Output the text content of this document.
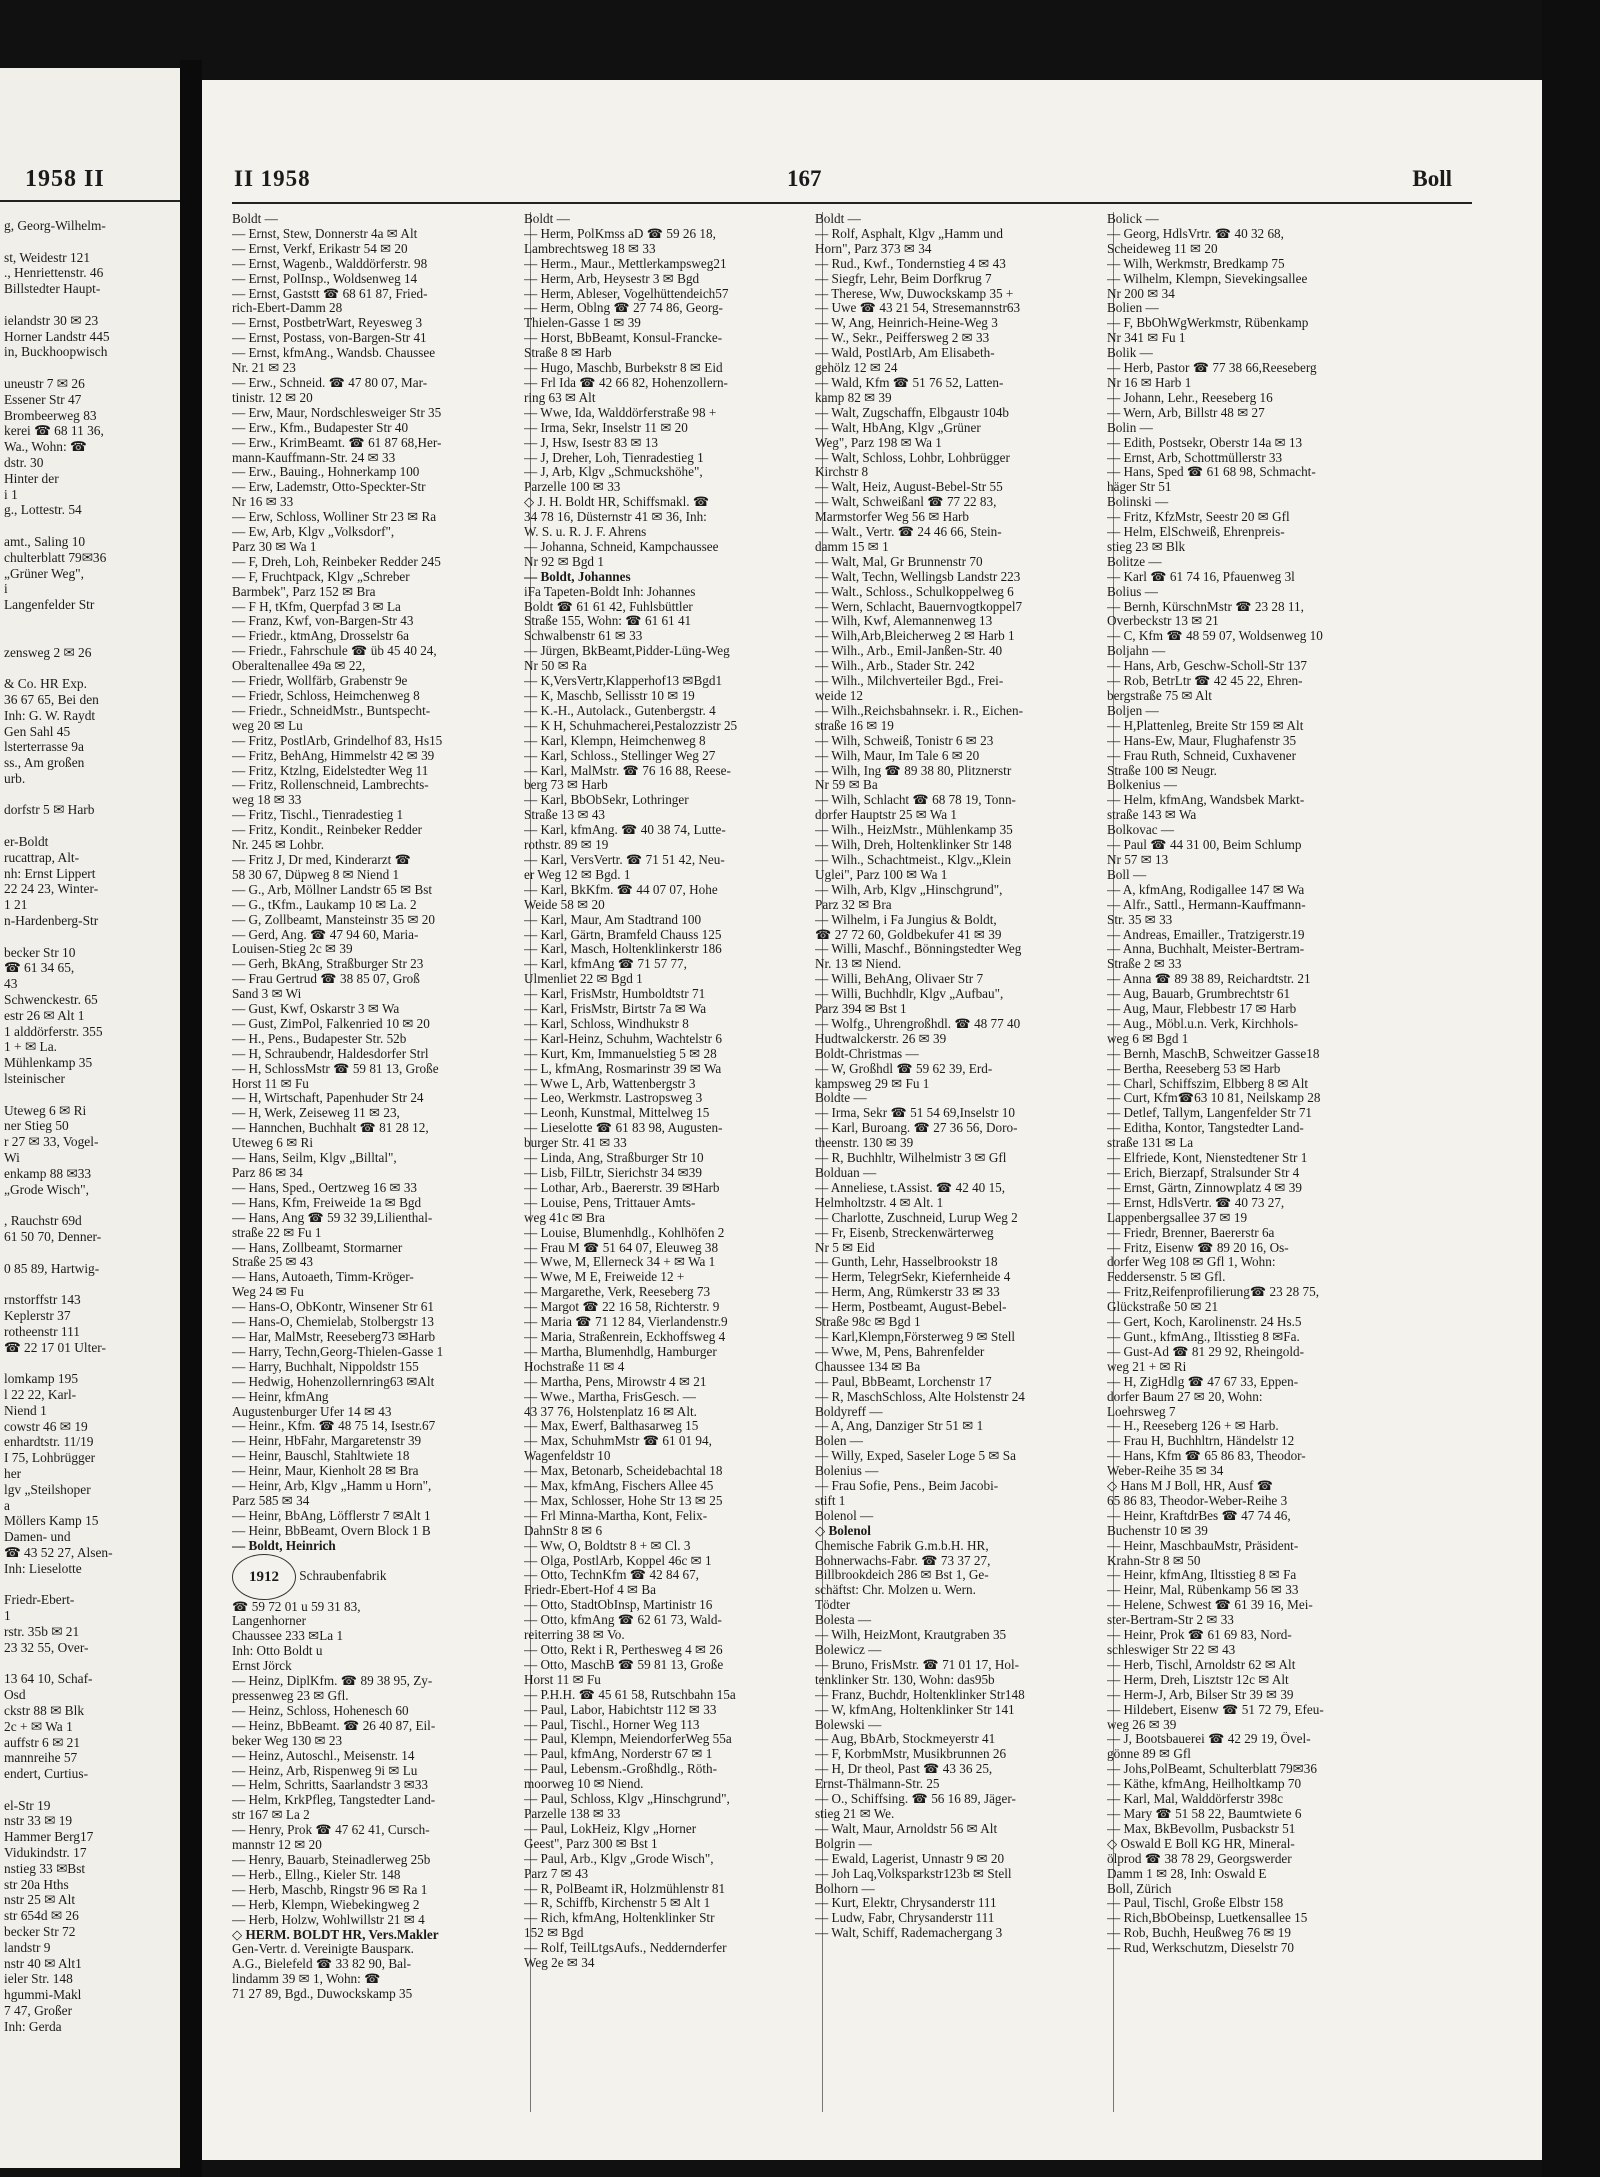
1958 II
g, Georg-Wilhelm-

st, Weidestr 121
., Henriettenstr. 46
Billstedter Haupt-

ielandstr 30 ✉ 23
Horner Landstr 445
in, Buckhoopwisch

uneustr 7 ✉ 26
Essener Str 47
Brombeerweg 83
kerei ☎ 68 11 36,
Wa., Wohn: ☎
dstr. 30
Hinter der
i 1
g., Lottestr. 54

amt., Saling 10
chulterblatt 79✉36
„Grüner Weg",
i
Langenfelder Str

zensweg 2 ✉ 26

& Co. HR Exp.
36 67 65, Bei den
Inh: G. W. Raydt
Gen Sahl 45
lsterterrasse 9a
ss., Am großen
urb.

dorfstr 5 ✉ Harb

er-Boldt
rucattrap, Alt-
nh: Ernst Lippert
22 24 23, Winter-
1 21
n-Hardenberg-Str

becker Str 10
☎ 61 34 65,
43
Schwenckestr. 65
estr 26 ✉ Alt 1
1 alddörferstr. 355
1 + ✉ La.
Mühlenkamp 35
lsteinischer

Uteweg 6 ✉ Ri
ner Stieg 50
r 27 ✉ 33, Vogel-
Wi
enkamp 88 ✉33
„Grode Wisch",

, Rauchstr 69d
61 50 70, Denner-

0 85 89, Hartwig-

rnstorffstr 143
Keplerstr 37
rotheenstr 111
☎ 22 17 01 Ulter-

lomkamp 195
l 22 22, Karl-
Niend 1
cowstr 46 ✉ 19
enhardtstr. 11/19
I 75, Lohbrügger
her
lgv „Steilshoper
a
Möllers Kamp 15
Damen- und
☎ 43 52 27, Alsen-
Inh: Lieselotte

Friedr-Ebert-
1
rstr. 35b ✉ 21
23 32 55, Over-

13 64 10, Schaf-
Osd
ckstr 88 ✉ Blk
2c + ✉ Wa 1
auffstr 6 ✉ 21
mannreihe 57
endert, Curtius-

el-Str 19
nstr 33 ✉ 19
Hammer Berg17
Vidukindstr. 17
nstieg 33 ✉Bst
str 20a Hths
nstr 25 ✉ Alt
str 654d ✉ 26
becker Str 72
landstr 9
nstr 40 ✉ Alt1
ieler Str. 148
hgummi-Makl
7 47, Großer
Inh: Gerda
II 1958	167	Boll
Boldt —
— Ernst, Stew, Donnerstr 4a ✉ Alt
— Ernst, Verkf, Erikastr 54 ✉ 20
— Ernst, Wagenb., Walddörferstr. 98
— Ernst, PolInsp., Woldsenweg 14
— Ernst, Gaststt ☎ 68 61 87, Fried-
rich-Ebert-Damm 28
— Ernst, PostbetrWart, Reyesweg 3
— Ernst, Postass, von-Bargen-Str 41
— Ernst, kfmAng., Wandsb. Chaussee
Nr. 21 ✉ 23
— Erw., Schneid. ☎ 47 80 07, Mar-
tinistr. 12 ✉ 20
— Erw, Maur, Nordschlesweiger Str 35
— Erw., Kfm., Budapester Str 40
— Erw., KrimBeamt. ☎ 61 87 68,Her-
mann-Kauffmann-Str. 24 ✉ 33
— Erw., Bauing., Hohnerkamp 100
— Erw, Lademstr, Otto-Speckter-Str
Nr 16 ✉ 33
— Erw, Schloss, Wolliner Str 23 ✉ Ra
— Ew, Arb, Klgv „Volksdorf",
Parz 30 ✉ Wa 1
— F, Dreh, Loh, Reinbeker Redder 245
— F, Fruchtpack, Klgv „Schreber
Barmbek", Parz 152 ✉ Bra
— F H, tKfm, Querpfad 3 ✉ La
— Franz, Kwf, von-Bargen-Str 43
— Friedr., ktmAng, Drosselstr 6a
— Friedr., Fahrschule ☎ üb 45 40 24,
Oberaltenallee 49a ✉ 22,
— Friedr, Wollfärb, Grabenstr 9e
— Friedr, Schloss, Heimchenweg 8
— Friedr., SchneidMstr., Buntspecht-
weg 20 ✉ Lu
— Fritz, PostlArb, Grindelhof 83, Hs15
— Fritz, BehAng, Himmelstr 42 ✉ 39
— Fritz, Ktzlng, Eidelstedter Weg 11
— Fritz, Rollenschneid, Lambrechts-
weg 18 ✉ 33
— Fritz, Tischl., Tienradestieg 1
— Fritz, Kondit., Reinbeker Redder
Nr. 245 ✉ Lohbr.
— Fritz J, Dr med, Kinderarzt ☎
58 30 67, Düpweg 8 ✉ Niend 1
— G., Arb, Möllner Landstr 65 ✉ Bst
— G., tKfm., Laukamp 10 ✉ La. 2
— G, Zollbeamt, Mansteinstr 35 ✉ 20
— Gerd, Ang. ☎ 47 94 60, Maria-
Louisen-Stieg 2c ✉ 39
— Gerh, BkAng, Straßburger Str 23
— Frau Gertrud ☎ 38 85 07, Groß
Sand 3 ✉ Wi
— Gust, Kwf, Oskarstr 3 ✉ Wa
— Gust, ZimPol, Falkenried 10 ✉ 20
— H., Pens., Budapester Str. 52b
— H, Schraubendr, Haldesdorfer Strl
— H, SchlossMstr ☎ 59 81 13, Große
Horst 11 ✉ Fu
— H, Wirtschaft, Papenhuder Str 24
— H, Werk, Zeiseweg 11 ✉ 23,
— Hannchen, Buchhalt ☎ 81 28 12,
Uteweg 6 ✉ Ri
— Hans, Seilm, Klgv „Billtal",
Parz 86 ✉ 34
— Hans, Sped., Oertzweg 16 ✉ 33
— Hans, Kfm, Freiweide 1a ✉ Bgd
— Hans, Ang ☎ 59 32 39,Lilienthal-
straße 22 ✉ Fu 1
— Hans, Zollbeamt, Stormarner
Straße 25 ✉ 43
— Hans, Autoaeth, Timm-Kröger-
Weg 24 ✉ Fu
— Hans-O, ObKontr, Winsener Str 61
— Hans-O, Chemielab, Stolbergstr 13
— Har, MalMstr, Reeseberg73 ✉Harb
— Harry, Techn,Georg-Thielen-Gasse 1
— Harry, Buchhalt, Nippoldstr 155
— Hedwig, Hohenzollernring63 ✉Alt
— Heinr, kfmAng
Augustenburger Ufer 14 ✉ 43
— Heinr., Kfm. ☎ 48 75 14, Isestr.67
— Heinr, HbFahr, Margaretenstr 39
— Heinr, Bauschl, Stahltwiete 18
— Heinr, Maur, Kienholt 28 ✉ Bra
— Heinr, Arb, Klgv „Hamm u Horn",
Parz 585 ✉ 34
— Heinr, BbAng, Löfflerstr 7 ✉Alt 1
— Heinr, BbBeamt, Overn Block 1 B
— Boldt, Heinrich
1912 Schraubenfabrik
☎ 59 72 01 u 59 31 83,
Langenhorner
Chaussee 233 ✉La 1
Inh: Otto Boldt u
Ernst Jörck
— Heinz, DiplKfm. ☎ 89 38 95, Zy-
pressenweg 23 ✉ Gfl.
— Heinz, Schloss, Hohenesch 60
— Heinz, BbBeamt. ☎ 26 40 87, Eil-
beker Weg 130 ✉ 23
— Heinz, Autoschl., Meisenstr. 14
— Heinz, Arb, Rispenweg 9i ✉ Lu
— Helm, Schritts, Saarlandstr 3 ✉33
— Helm, KrkPfleg, Tangstedter Land-
str 167 ✉ La 2
— Henry, Prok ☎ 47 62 41, Cursch-
mannstr 12 ✉ 20
— Henry, Bauarb, Steinadlerweg 25b
— Herb., Ellng., Kieler Str. 148
— Herb, Maschb, Ringstr 96 ✉ Ra 1
— Herb, Klempn, Wiebekingweg 2
— Herb, Holzw, Wohlwillstr 21 ✉ 4
◇ HERM. BOLDT HR, Vers.Makler
Gen-Vertr. d. Vereinigte Bausparк.
A.G., Bielefeld ☎ 33 82 90, Bal-
lindamm 39 ✉ 1, Wohn: ☎
71 27 89, Bgd., Duwockskamp 35
Boldt —
— Herm, PolKmss aD ☎ 59 26 18,
Lambrechtsweg 18 ✉ 33
— Herm., Maur., Mettlerkampsweg21
— Herm, Arb, Heysestr 3 ✉ Bgd
— Herm, Ableser, Vogelhüttendeich57
— Herm, Oblng ☎ 27 74 86, Georg-
Thielen-Gasse 1 ✉ 39
— Horst, BbBeamt, Konsul-Francke-
Straße 8 ✉ Harb
— Hugo, Maschb, Burbekstr 8 ✉ Eid
— Frl Ida ☎ 42 66 82, Hohenzollern-
ring 63 ✉ Alt
— Wwe, Ida, Walddörferstraße 98 +
— Irma, Sekr, Inselstr 11 ✉ 20
— J, Hsw, Isestr 83 ✉ 13
— J, Dreher, Loh, Tienradestieg 1
— J, Arb, Klgv „Schmuckshöhe",
Parzelle 100 ✉ 33
◇ J. H. Boldt HR, Schiffsmakl. ☎
34 78 16, Düsternstr 41 ✉ 36, Inh:
W. S. u. R. J. F. Ahrens
— Johanna, Schneid, Kampchaussee
Nr 92 ✉ Bgd 1
— Boldt, Johannes
iFa Tapeten-Boldt Inh: Johannes
Boldt ☎ 61 61 42, Fuhlsbüttler
Straße 155, Wohn: ☎ 61 61 41
Schwalbenstr 61 ✉ 33
— Jürgen, BkBeamt,Pidder-Lüng-Weg
Nr 50 ✉ Ra
— K,VersVertr,Klapperhof13 ✉Bgd1
— K, Maschb, Sellisstr 10 ✉ 19
— K.-H., Autolack., Gutenbergstr. 4
— K H, Schuhmacherei,Pestalozzistr 25
— Karl, Klempn, Heimchenweg 8
— Karl, Schloss., Stellinger Weg 27
— Karl, MalMstr. ☎ 76 16 88, Reese-
berg 73 ✉ Harb
— Karl, BbObSekr, Lothringer
Straße 13 ✉ 43
— Karl, kfmAng. ☎ 40 38 74, Lutte-
rothstr. 89 ✉ 19
— Karl, VersVertr. ☎ 71 51 42, Neu-
er Weg 12 ✉ Bgd. 1
— Karl, BkKfm. ☎ 44 07 07, Hohe
Weide 58 ✉ 20
— Karl, Maur, Am Stadtrand 100
— Karl, Gärtn, Bramfeld Chauss 125
— Karl, Masch, Holtenklinkerstr 186
— Karl, kfmAng ☎ 71 57 77,
Ulmenliet 22 ✉ Bgd 1
— Karl, FrisMstr, Humboldtstr 71
— Karl, FrisMstr, Birtstr 7a ✉ Wa
— Karl, Schloss, Windhukstr 8
— Karl-Heinz, Schuhm, Wachtelstr 6
— Kurt, Km, Immanuelstieg 5 ✉ 28
— L, kfmAng, Rosmarinstr 39 ✉ Wa
— Wwe L, Arb, Wattenbergstr 3
— Leo, Werkmstr. Lastropsweg 3
— Leonh, Kunstmal, Mittelweg 15
— Lieselotte ☎ 61 83 98, Augusten-
burger Str. 41 ✉ 33
— Linda, Ang, Straßburger Str 10
— Lisb, FilLtr, Sierichstr 34 ✉39
— Lothar, Arb., Baererstr. 39 ✉Harb
— Louise, Pens, Trittauer Amts-
weg 41c ✉ Bra
— Louise, Blumenhdlg., Kohlhöfen 2
— Frau M ☎ 51 64 07, Eleuweg 38
— Wwe, M, Ellerneck 34 + ✉ Wa 1
— Wwe, M E, Freiweide 12 +
— Margarethe, Verk, Reeseberg 73
— Margot ☎ 22 16 58, Richterstr. 9
— Maria ☎ 71 12 84, Vierlandenstr.9
— Maria, Straßenrein, Eckhoffsweg 4
— Martha, Blumenhdlg, Hamburger
Hochstraße 11 ✉ 4
— Martha, Pens, Mirowstr 4 ✉ 21
— Wwe., Martha, FrisGesch. —
43 37 76, Holstenplatz 16 ✉ Alt.
— Max, Ewerf, Balthasarweg 15
— Max, SchuhmMstr ☎ 61 01 94,
Wagenfeldstr 10
— Max, Betonarb, Scheidebachtal 18
— Max, kfmAng, Fischers Allee 45
— Max, Schlosser, Hohe Str 13 ✉ 25
— Frl Minna-Martha, Kont, Felix-
DahnStr 8 ✉ 6
— Ww, O, Boldtstr 8 + ✉ Cl. 3
— Olga, PostlArb, Koppel 46c ✉ 1
— Otto, TechnKfm ☎ 42 84 67,
Friedr-Ebert-Hof 4 ✉ Ba
— Otto, StadtObInsp, Martinistr 16
— Otto, kfmAng ☎ 62 61 73, Wald-
reiterring 38 ✉ Vo.
— Otto, Rekt i R, Perthesweg 4 ✉ 26
— Otto, MaschB ☎ 59 81 13, Große
Horst 11 ✉ Fu
— P.H.H. ☎ 45 61 58, Rutschbahn 15a
— Paul, Labor, Habichtstr 112 ✉ 33
— Paul, Tischl., Horner Weg 113
— Paul, Klempn, MeiendorferWeg 55a
— Paul, kfmAng, Norderstr 67 ✉ 1
— Paul, Lebensm.-Großhdlg., Röth-
moorweg 10 ✉ Niend.
— Paul, Schloss, Klgv „Hinschgrund",
Parzelle 138 ✉ 33
— Paul, LokHeiz, Klgv „Horner
Geest", Parz 300 ✉ Bst 1
— Paul, Arb., Klgv „Grode Wisch",
Parz 7 ✉ 43
— R, PolBeamt iR, Holzmühlenstr 81
— R, Schiffb, Kirchenstr 5 ✉ Alt 1
— Rich, kfmAng, Holtenklinker Str
152 ✉ Bgd
— Rolf, TeilLtgsAufs., Neddernderfer
Weg 2e ✉ 34
Boldt —
— Rolf, Asphalt, Klgv „Hamm und
Horn", Parz 373 ✉ 34
— Rud., Kwf., Tondernstieg 4 ✉ 43
— Siegfr, Lehr, Beim Dorfkrug 7
— Therese, Ww, Duwockskamp 35 +
— Uwe ☎ 43 21 54, Stresemannstr63
— W, Ang, Heinrich-Heine-Weg 3
— W., Sekr., Peiffersweg 2 ✉ 33
— Wald, PostlArb, Am Elisabeth-
gehölz 12 ✉ 24
— Wald, Kfm ☎ 51 76 52, Latten-
kamp 82 ✉ 39
— Walt, Zugschaffn, Elbgaustr 104b
— Walt, HbAng, Klgv „Grüner
Weg", Parz 198 ✉ Wa 1
— Walt, Schloss, Lohbr, Lohbrügger
Kirchstr 8
— Walt, Heiz, August-Bebel-Str 55
— Walt, Schweißanl ☎ 77 22 83,
Marmstorfer Weg 56 ✉ Harb
— Walt., Vertr. ☎ 24 46 66, Stein-
damm 15 ✉ 1
— Walt, Mal, Gr Brunnenstr 70
— Walt, Techn, Wellingsb Landstr 223
— Walt., Schloss., Schulkoppelweg 6
— Wern, Schlacht, Bauernvogtkoppel7
— Wilh, Kwf, Alemannenweg 13
— Wilh,Arb,Bleicherweg 2 ✉ Harb 1
— Wilh., Arb., Emil-Janßen-Str. 40
— Wilh., Arb., Stader Str. 242
— Wilh., Milchverteiler Bgd., Frei-
weide 12
— Wilh.,Reichsbahnsekr. i. R., Eichen-
straße 16 ✉ 19
— Wilh, Schweiß, Tonistr 6 ✉ 23
— Wilh, Maur, Im Tale 6 ✉ 20
— Wilh, Ing ☎ 89 38 80, Plitznerstr
Nr 59 ✉ Ba
— Wilh, Schlacht ☎ 68 78 19, Tonn-
dorfer Hauptstr 25 ✉ Wa 1
— Wilh., HeizMstr., Mühlenkamp 35
— Wilh, Dreh, Holtenklinker Str 148
— Wilh., Schachtmeist., Klgv.„Klein
Uglei", Parz 100 ✉ Wa 1
— Wilh, Arb, Klgv „Hinschgrund",
Parz 32 ✉ Bra
— Wilhelm, i Fa Jungius & Boldt,
☎ 27 72 60, Goldbekufer 41 ✉ 39
— Willi, Maschf., Bönningstedter Weg
Nr. 13 ✉ Niend.
— Willi, BehAng, Olivaer Str 7
— Willi, Buchhdlr, Klgv „Aufbau",
Parz 394 ✉ Bst 1
— Wolfg., Uhrengroßhdl. ☎ 48 77 40
Hudtwalckerstr. 26 ✉ 39
Boldt-Christmas —
— W, Großhdl ☎ 59 62 39, Erd-
kampsweg 29 ✉ Fu 1
Boldte —
— Irma, Sekr ☎ 51 54 69,Inselstr 10
— Karl, Buroang. ☎ 27 36 56, Doro-
theenstr. 130 ✉ 39
— R, Buchhltr, Wilhelmistr 3 ✉ Gfl
Bolduan —
— Anneliese, t.Assist. ☎ 42 40 15,
Helmholtzstr. 4 ✉ Alt. 1
— Charlotte, Zuschneid, Lurup Weg 2
— Fr, Eisenb, Streckenwärterweg
Nr 5 ✉ Eid
— Gunth, Lehr, Hasselbrookstr 18
— Herm, TelegrSekr, Kiefernheide 4
— Herm, Ang, Rümkerstr 33 ✉ 33
— Herm, Postbeamt, August-Bebel-
Straße 98c ✉ Bgd 1
— Karl,Klempn,Försterweg 9 ✉ Stell
— Wwe, M, Pens, Bahrenfelder
Chaussee 134 ✉ Ba
— Paul, BbBeamt, Lorchenstr 17
— R, MaschSchloss, Alte Holstenstr 24
Boldyreff —
— A, Ang, Danziger Str 51 ✉ 1
Bolen —
— Willy, Exped, Saseler Loge 5 ✉ Sa
Bolenius —
— Frau Sofie, Pens., Beim Jacobi-
stift 1
Bolenol —
◇ Bolenol
Chemische Fabrik G.m.b.H. HR,
Bohnerwachs-Fabr. ☎ 73 37 27,
Billbrookdeich 286 ✉ Bst 1, Ge-
schäftst: Chr. Molzen u. Wern.
Tödter
Bolesta —
— Wilh, HeizMont, Krautgraben 35
Bolewicz —
— Bruno, FrisMstr. ☎ 71 01 17, Hol-
tenklinker Str. 130, Wohn: das95b
— Franz, Buchdr, Holtenklinker Str148
— W, kfmAng, Holtenklinker Str 141
Bolewski —
— Aug, BbArb, Stockmeyerstr 41
— F, KorbmMstr, Musikbrunnen 26
— H, Dr theol, Past ☎ 43 36 25,
Ernst-Thälmann-Str. 25
— O., Schiffsing. ☎ 56 16 89, Jäger-
stieg 21 ✉ We.
— Walt, Maur, Arnoldstr 56 ✉ Alt
Bolgrin —
— Ewald, Lagerist, Unnastr 9 ✉ 20
— Joh Laq,Volksparkstr123b ✉ Stell
Bolhorn —
— Kurt, Elektr, Chrysanderstr 111
— Ludw, Fabr, Chrysanderstr 111
— Walt, Schiff, Rademachergang 3
Bolick —
— Georg, HdlsVrtr. ☎ 40 32 68,
Scheideweg 11 ✉ 20
— Wilh, Werkmstr, Bredkamp 75
— Wilhelm, Klempn, Sievekingsallee
Nr 200 ✉ 34
Bolien —
— F, BbOhWgWerkmstr, Rübenkamp
Nr 341 ✉ Fu 1
Bolik —
— Herb, Pastor ☎ 77 38 66,Reeseberg
Nr 16 ✉ Harb 1
— Johann, Lehr., Reeseberg 16
— Wern, Arb, Billstr 48 ✉ 27
Bolin —
— Edith, Postsekr, Oberstr 14a ✉ 13
— Ernst, Arb, Schottmüllerstr 33
— Hans, Sped ☎ 61 68 98, Schmacht-
häger Str 51
Bolinski —
— Fritz, KfzMstr, Seestr 20 ✉ Gfl
— Helm, ElSchweiß, Ehrenpreis-
stieg 23 ✉ Blk
Bolitze —
— Karl ☎ 61 74 16, Pfauenweg 3l
Bolius —
— Bernh, KürschnMstr ☎ 23 28 11,
Overbeckstr 13 ✉ 21
— C, Kfm ☎ 48 59 07, Woldsenweg 10
Boljahn —
— Hans, Arb, Geschw-Scholl-Str 137
— Rob, BetrLtr ☎ 42 45 22, Ehren-
bergstraße 75 ✉ Alt
Boljen —
— H,Plattenleg, Breite Str 159 ✉ Alt
— Hans-Ew, Maur, Flughafenstr 35
— Frau Ruth, Schneid, Cuxhavener
Straße 100 ✉ Neugr.
Bolkenius —
— Helm, kfmAng, Wandsbek Markt-
straße 143 ✉ Wa
Bolkovac —
— Paul ☎ 44 31 00, Beim Schlump
Nr 57 ✉ 13
Boll —
— A, kfmAng, Rodigallee 147 ✉ Wa
— Alfr., Sattl., Hermann-Kauffmann-
Str. 35 ✉ 33
— Andreas, Emailler., Tratzigerstr.19
— Anna, Buchhalt, Meister-Bertram-
Straße 2 ✉ 33
— Anna ☎ 89 38 89, Reichardtstr. 21
— Aug, Bauarb, Grumbrechtstr 61
— Aug, Maur, Flebbestr 17 ✉ Harb
— Aug., Möbl.u.n. Verk, Kirchhols-
weg 6 ✉ Bgd 1
— Bernh, MaschB, Schweitzer Gasse18
— Bertha, Reeseberg 53 ✉ Harb
— Charl, Schiffszim, Elbberg 8 ✉ Alt
— Curt, Kfm☎63 10 81, Neilskamp 28
— Detlef, Tallym, Langenfelder Str 71
— Editha, Kontor, Tangstedter Land-
straße 131 ✉ La
— Elfriede, Kont, Nienstedtener Str 1
— Erich, Bierzapf, Stralsunder Str 4
— Ernst, Gärtn, Zinnowplatz 4 ✉ 39
— Ernst, HdlsVertr. ☎ 40 73 27,
Lappenbergsallee 37 ✉ 19
— Friedr, Brenner, Baererstr 6a
— Fritz, Eisenw ☎ 89 20 16, Os-
dorfer Weg 108 ✉ Gfl 1, Wohn:
Feddersenstr. 5 ✉ Gfl.
— Fritz,Reifenprofilierung☎ 23 28 75,
Glückstraße 50 ✉ 21
— Gert, Koch, Karolinenstr. 24 Hs.5
— Gunt., kfmAng., Iltisstieg 8 ✉Fa.
— Gust-Ad ☎ 81 29 92, Rheingold-
weg 21 + ✉ Ri
— H, ZigHdlg ☎ 47 67 33, Eppen-
dorfer Baum 27 ✉ 20, Wohn:
Loehrsweg 7
— H., Reeseberg 126 + ✉ Harb.
— Frau H, Buchhltrn, Händelstr 12
— Hans, Kfm ☎ 65 86 83, Theodor-
Weber-Reihe 35 ✉ 34
◇ Hans M J Boll, HR, Ausf ☎
65 86 83, Theodor-Weber-Reihe 3
— Heinr, KraftdrBes ☎ 47 74 46,
Buchenstr 10 ✉ 39
— Heinr, MaschbauMstr, Präsident-
Krahn-Str 8 ✉ 50
— Heinr, kfmAng, Iltisstieg 8 ✉ Fa
— Heinr, Mal, Rübenkamp 56 ✉ 33
— Helene, Schwest ☎ 61 39 16, Mei-
ster-Bertram-Str 2 ✉ 33
— Heinr, Prok ☎ 61 69 83, Nord-
schleswiger Str 22 ✉ 43
— Herb, Tischl, Arnoldstr 62 ✉ Alt
— Herm, Dreh, Lisztstr 12c ✉ Alt
— Herm-J, Arb, Bilser Str 39 ✉ 39
— Hildebert, Eisenw ☎ 51 72 79, Efeu-
weg 26 ✉ 39
— J, Bootsbauerei ☎ 42 29 19, Övel-
gönne 89 ✉ Gfl
— Johs,PolBeamt, Schulterblatt 79✉36
— Käthe, kfmAng, Heilholtkamp 70
— Karl, Mal, Walddörferstr 398c
— Mary ☎ 51 58 22, Baumtwiete 6
— Max, BkBevollm, Pusbackstr 51
◇ Oswald E Boll KG HR, Mineral-
ölprod ☎ 38 78 29, Georgswerder
Damm 1 ✉ 28, Inh: Oswald E
Boll, Zürich
— Paul, Tischl, Große Elbstr 158
— Rich,BbObeinsp, Luetkensallee 15
— Rob, Buchh, Heußweg 76 ✉ 19
— Rud, Werkschutzm, Dieselstr 70
